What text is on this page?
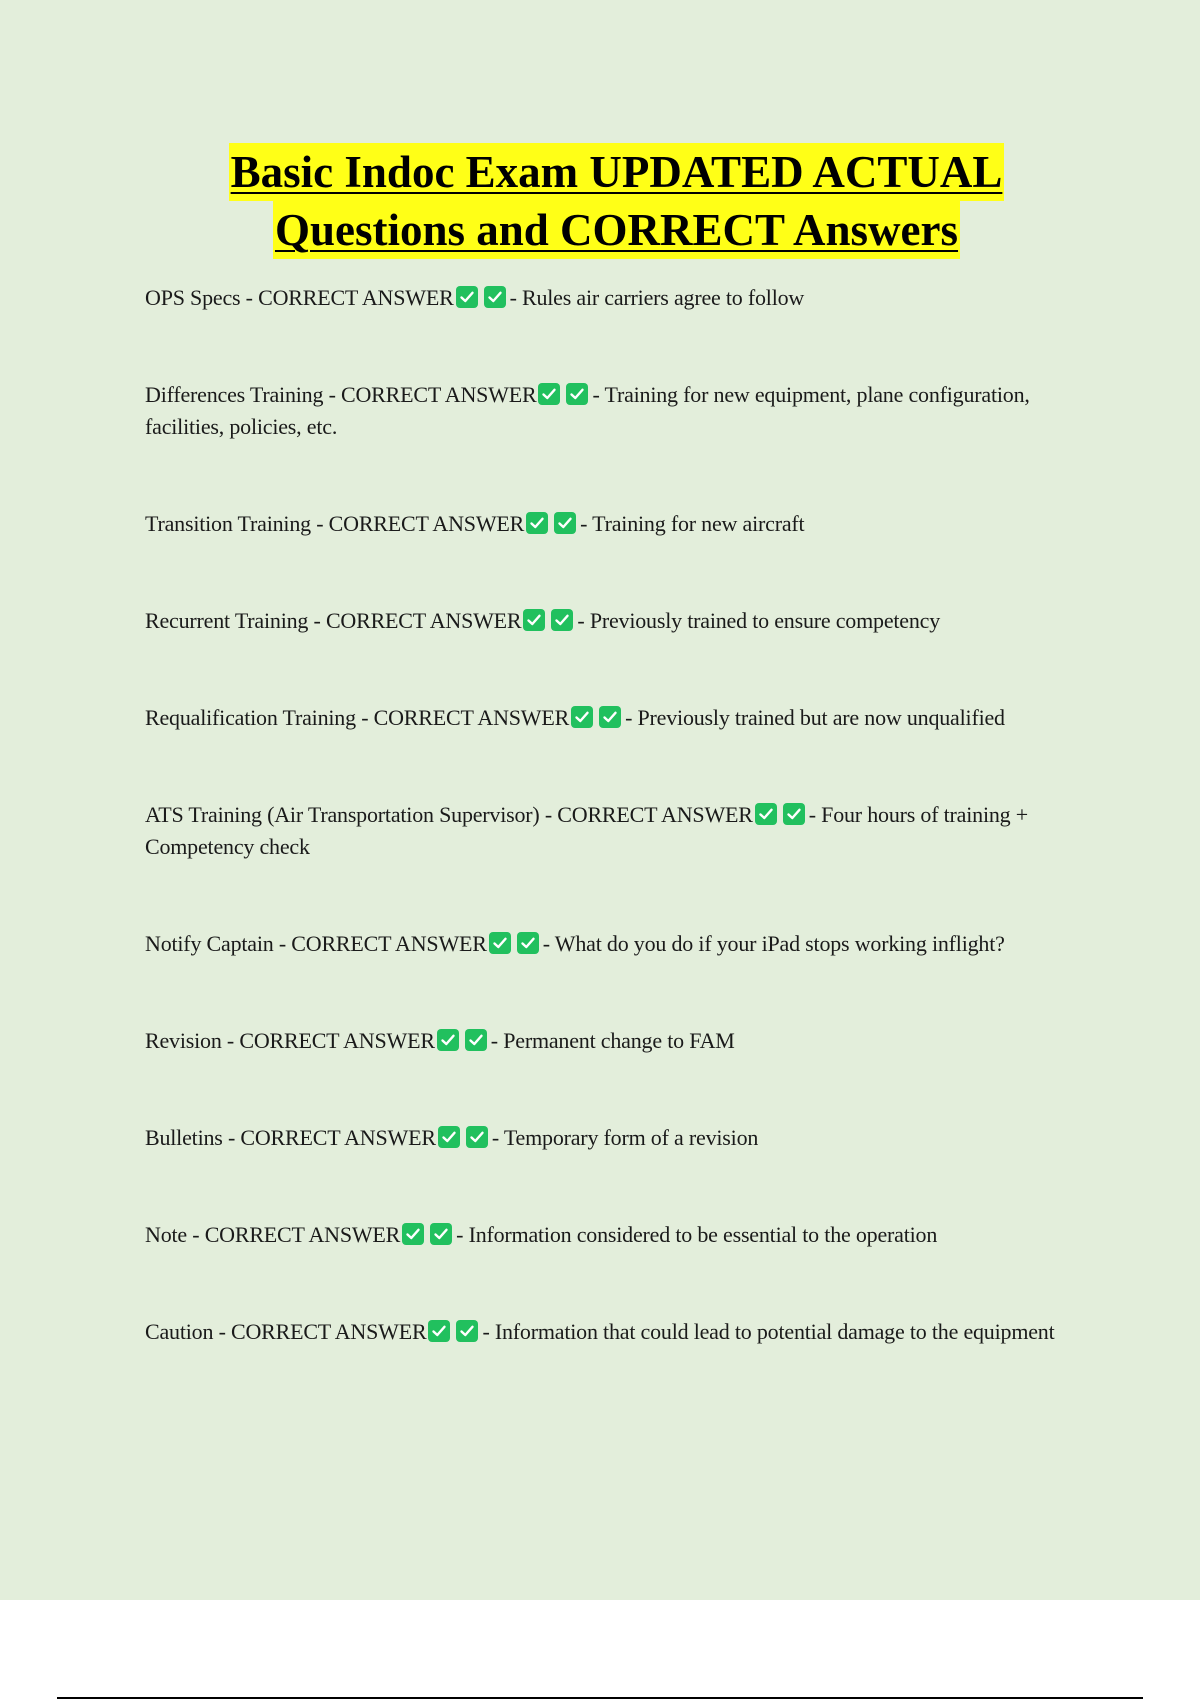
Basic Indoc Exam UPDATED ACTUAL
Questions and CORRECT Answers
OPS Specs - CORRECT ANSWER	- Rules air carriers agree to follow
Differences Training - CORRECT ANSWER	- Training for new equipment, plane configuration, facilities, policies, etc.
Transition Training - CORRECT ANSWER	- Training for new aircraft
Recurrent Training - CORRECT ANSWER	- Previously trained to ensure competency
Requalification Training - CORRECT ANSWER	- Previously trained but are now unqualified
ATS Training (Air Transportation Supervisor) - CORRECT ANSWER	- Four hours of training + Competency check
Notify Captain - CORRECT ANSWER	- What do you do if your iPad stops working inflight?
Revision - CORRECT ANSWER	- Permanent change to FAM
Bulletins - CORRECT ANSWER	- Temporary form of a revision
Note - CORRECT ANSWER	- Information considered to be essential to the operation
Caution - CORRECT ANSWER	- Information that could lead to potential damage to the equipment
